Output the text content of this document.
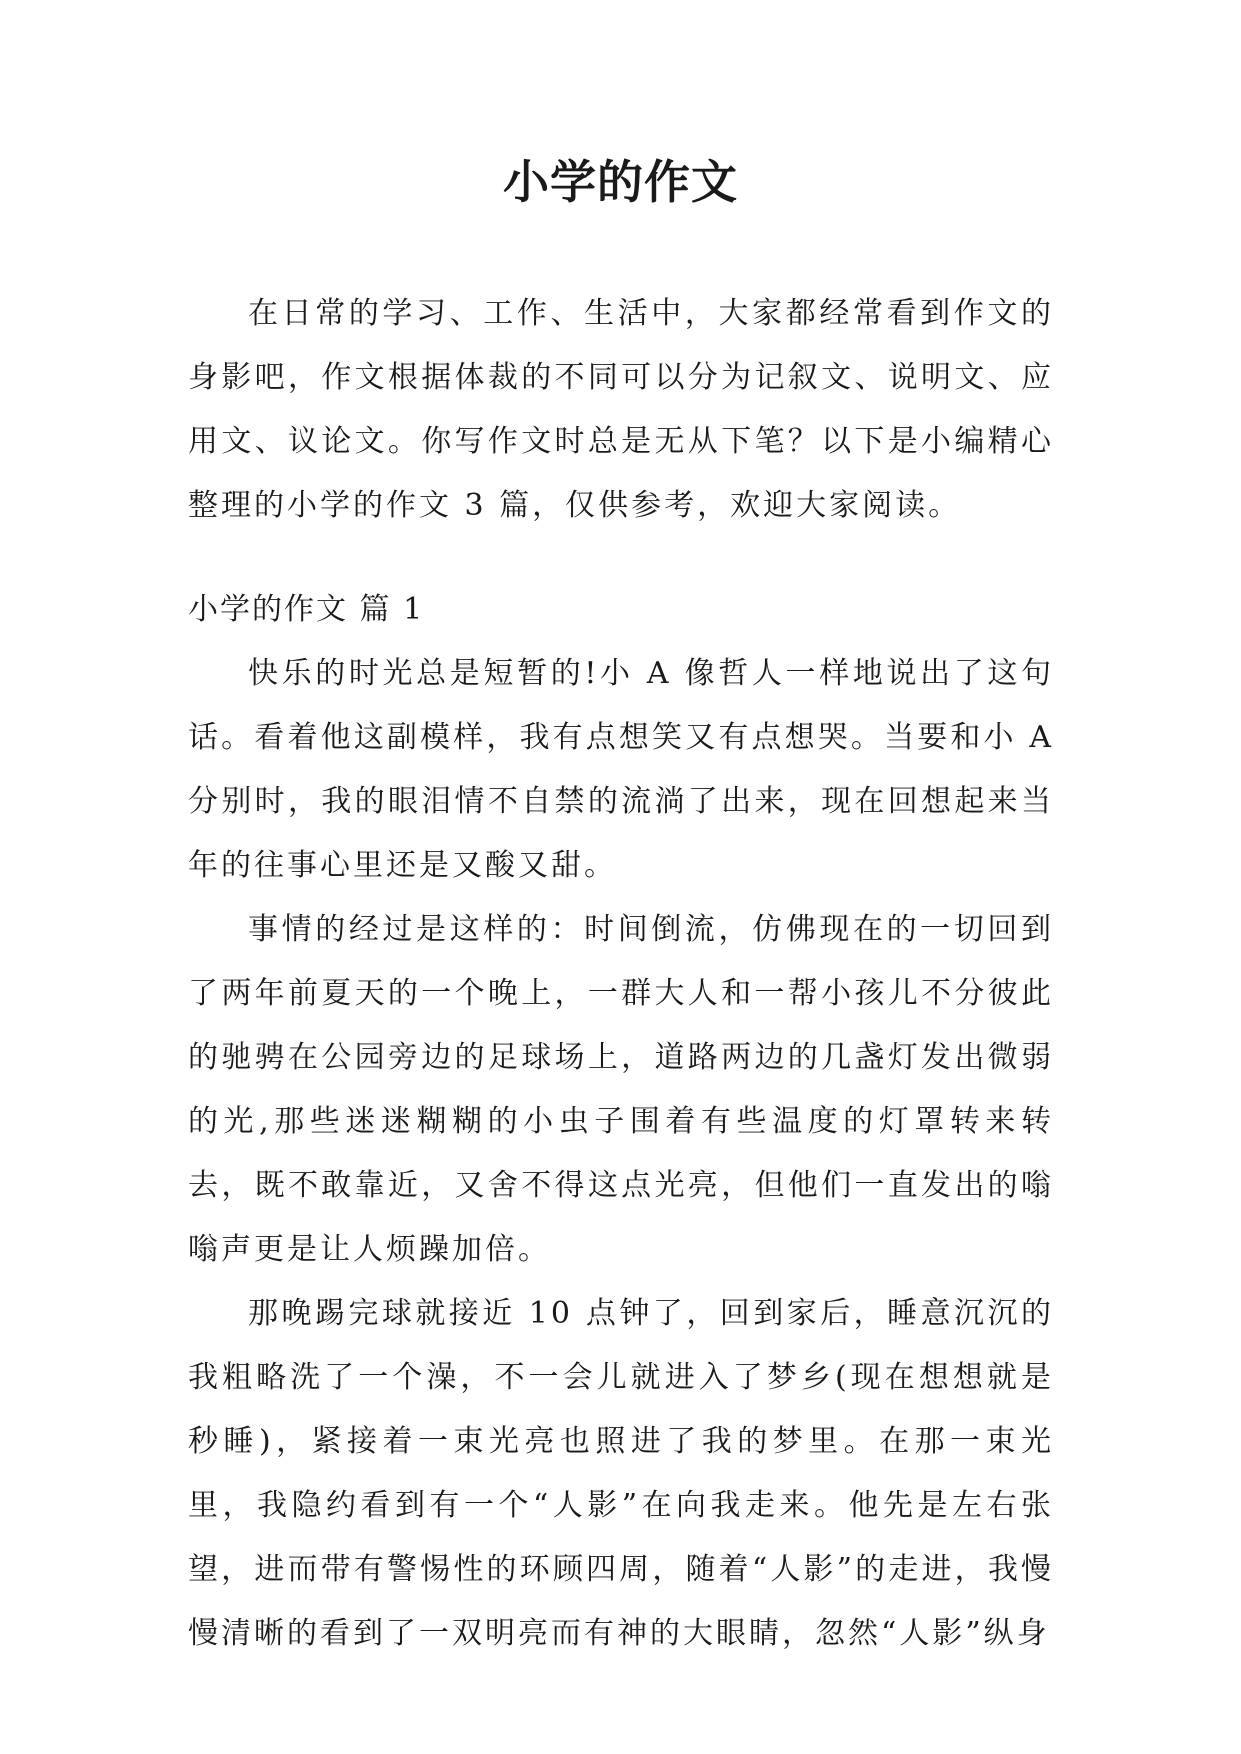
小学的作文

在日常的学习、工作、生活中，大家都经常看到作文的身影吧，作文根据体裁的不同可以分为记叙文、说明文、应用文、议论文。你写作文时总是无从下笔？以下是小编精心整理的小学的作文 3 篇，仅供参考，欢迎大家阅读。

小学的作文 篇 1

快乐的时光总是短暂的!小 A 像哲人一样地说出了这句话。看着他这副模样，我有点想笑又有点想哭。当要和小 A 分别时，我的眼泪情不自禁的流淌了出来，现在回想起来当年的往事心里还是又酸又甜。

事情的经过是这样的：时间倒流，仿佛现在的一切回到了两年前夏天的一个晚上，一群大人和一帮小孩儿不分彼此的驰骋在公园旁边的足球场上，道路两边的几盏灯发出微弱的光,那些迷迷糊糊的小虫子围着有些温度的灯罩转来转去，既不敢靠近，又舍不得这点光亮，但他们一直发出的嗡嗡声更是让人烦躁加倍。

那晚踢完球就接近 10 点钟了，回到家后，睡意沉沉的我粗略洗了一个澡，不一会儿就进入了梦乡(现在想想就是秒睡)，紧接着一束光亮也照进了我的梦里。在那一束光里，我隐约看到有一个“人影”在向我走来。他先是左右张望，进而带有警惕性的环顾四周，随着“人影”的走进，我慢慢清晰的看到了一双明亮而有神的大眼睛，忽然“人影”纵身
